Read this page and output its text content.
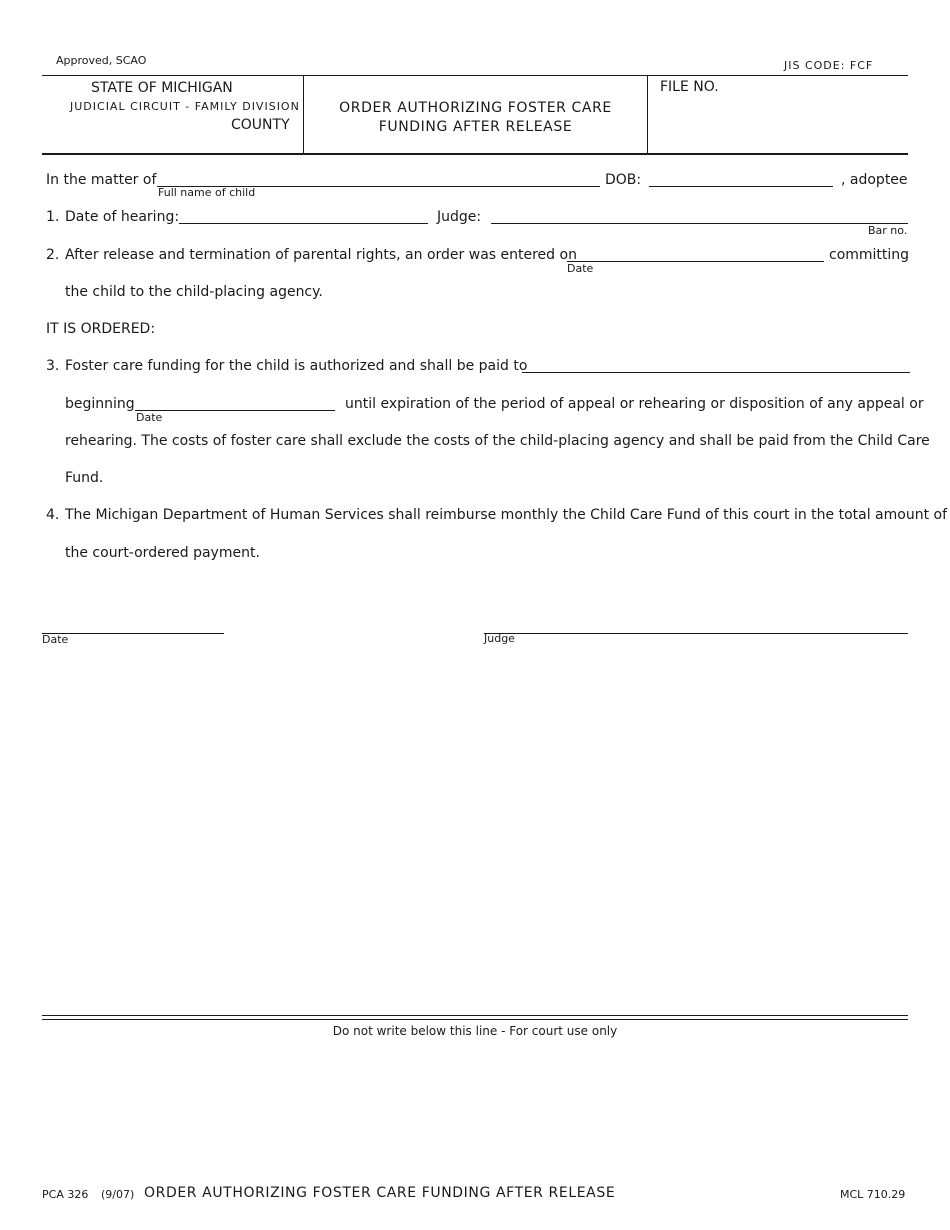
Approved, SCAO	JIS CODE: FCF
STATE OF MICHIGAN
JUDICIAL CIRCUIT - FAMILY DIVISION
COUNTY
ORDER AUTHORIZING FOSTER CARE
FUNDING AFTER RELEASE
FILE NO.
In the matter of
Full name of child
DOB:	, adoptee
1. Date of hearing:	Judge:
Bar no.
2. After release and termination of parental rights, an order was entered on
Date
committing
the child to the child-placing agency.
IT IS ORDERED:
3. Foster care funding for the child is authorized and shall be paid to
beginning
Date
until expiration of the period of appeal or rehearing or disposition of any appeal or
rehearing. The costs of foster care shall exclude the costs of the child-placing agency and shall be paid from the Child Care
Fund.
4. The Michigan Department of Human Services shall reimburse monthly the Child Care Fund of this court in the total amount of
the court-ordered payment.
Date	Judge
Do not write below this line - For court use only
PCA 326 (9/07) ORDER AUTHORIZING FOSTER CARE FUNDING AFTER RELEASE	MCL 710.29
